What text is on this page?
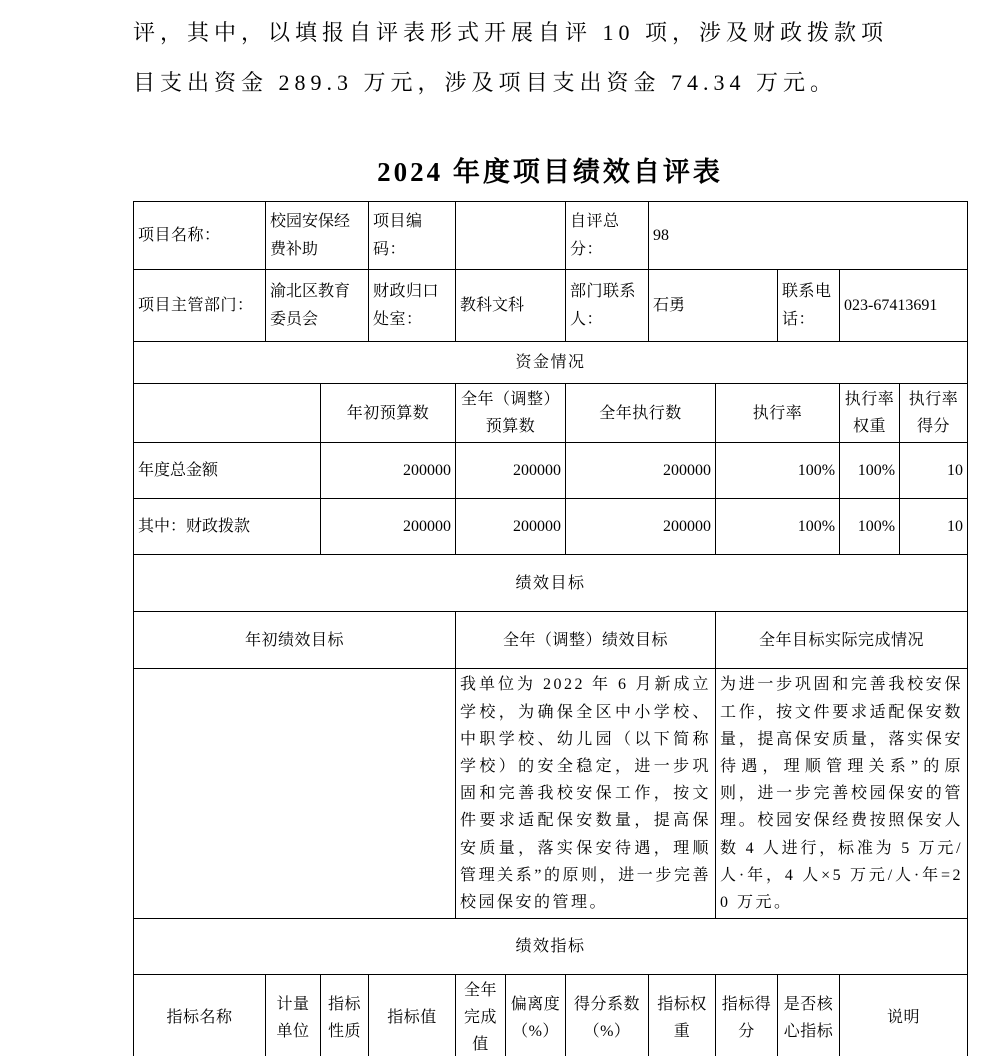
评，其中，以填报自评表形式开展自评 10 项，涉及财政拨款项
目支出资金 289.3 万元，涉及项目支出资金 74.34 万元。

2024 年度项目绩效自评表
项目名称：	校园安保经费补助		项目编码：			自评总分：	98				
项目主管部门：	渝北区教育委员会		财政归口处室：	教科文科		部门联系人：	石勇		联系电话：	023-67413691	
资金情况											
		年初预算数		全年（调整）预算数		全年执行数		执行率		执行率权重	执行率得分
年度总金额		200000		200000		200000		100%		100%	10
其中：财政拨款		200000		200000		200000		100%		100%	10
绩效目标											
年初绩效目标				全年（调整）绩效目标				全年目标实际完成情况			
				我单位为 2022 年 6 月新成立学校，为确保全区中小学校、中职学校、幼儿园（以下简称学校）的安全稳定，进一步巩固和完善我校安保工作，按文件要求适配保安数量，提高保安质量，落实保安待遇，理顺管理关系”的原则，进一步完善校园保安的管理。				为进一步巩固和完善我校安保工作，按文件要求适配保安数量，提高保安质量，落实保安待遇，理顺管理关系”的原则，进一步完善校园保安的管理。校园安保经费按照保安人数 4 人进行，标准为 5 万元/人·年，4 人×5 万元/人·年=20 万元。			
绩效指标											
指标名称	计量单位	指标性质	指标值	全年完成值	偏离度（%）	得分系数（%）	指标权重	指标得分	是否核心指标	说明	
